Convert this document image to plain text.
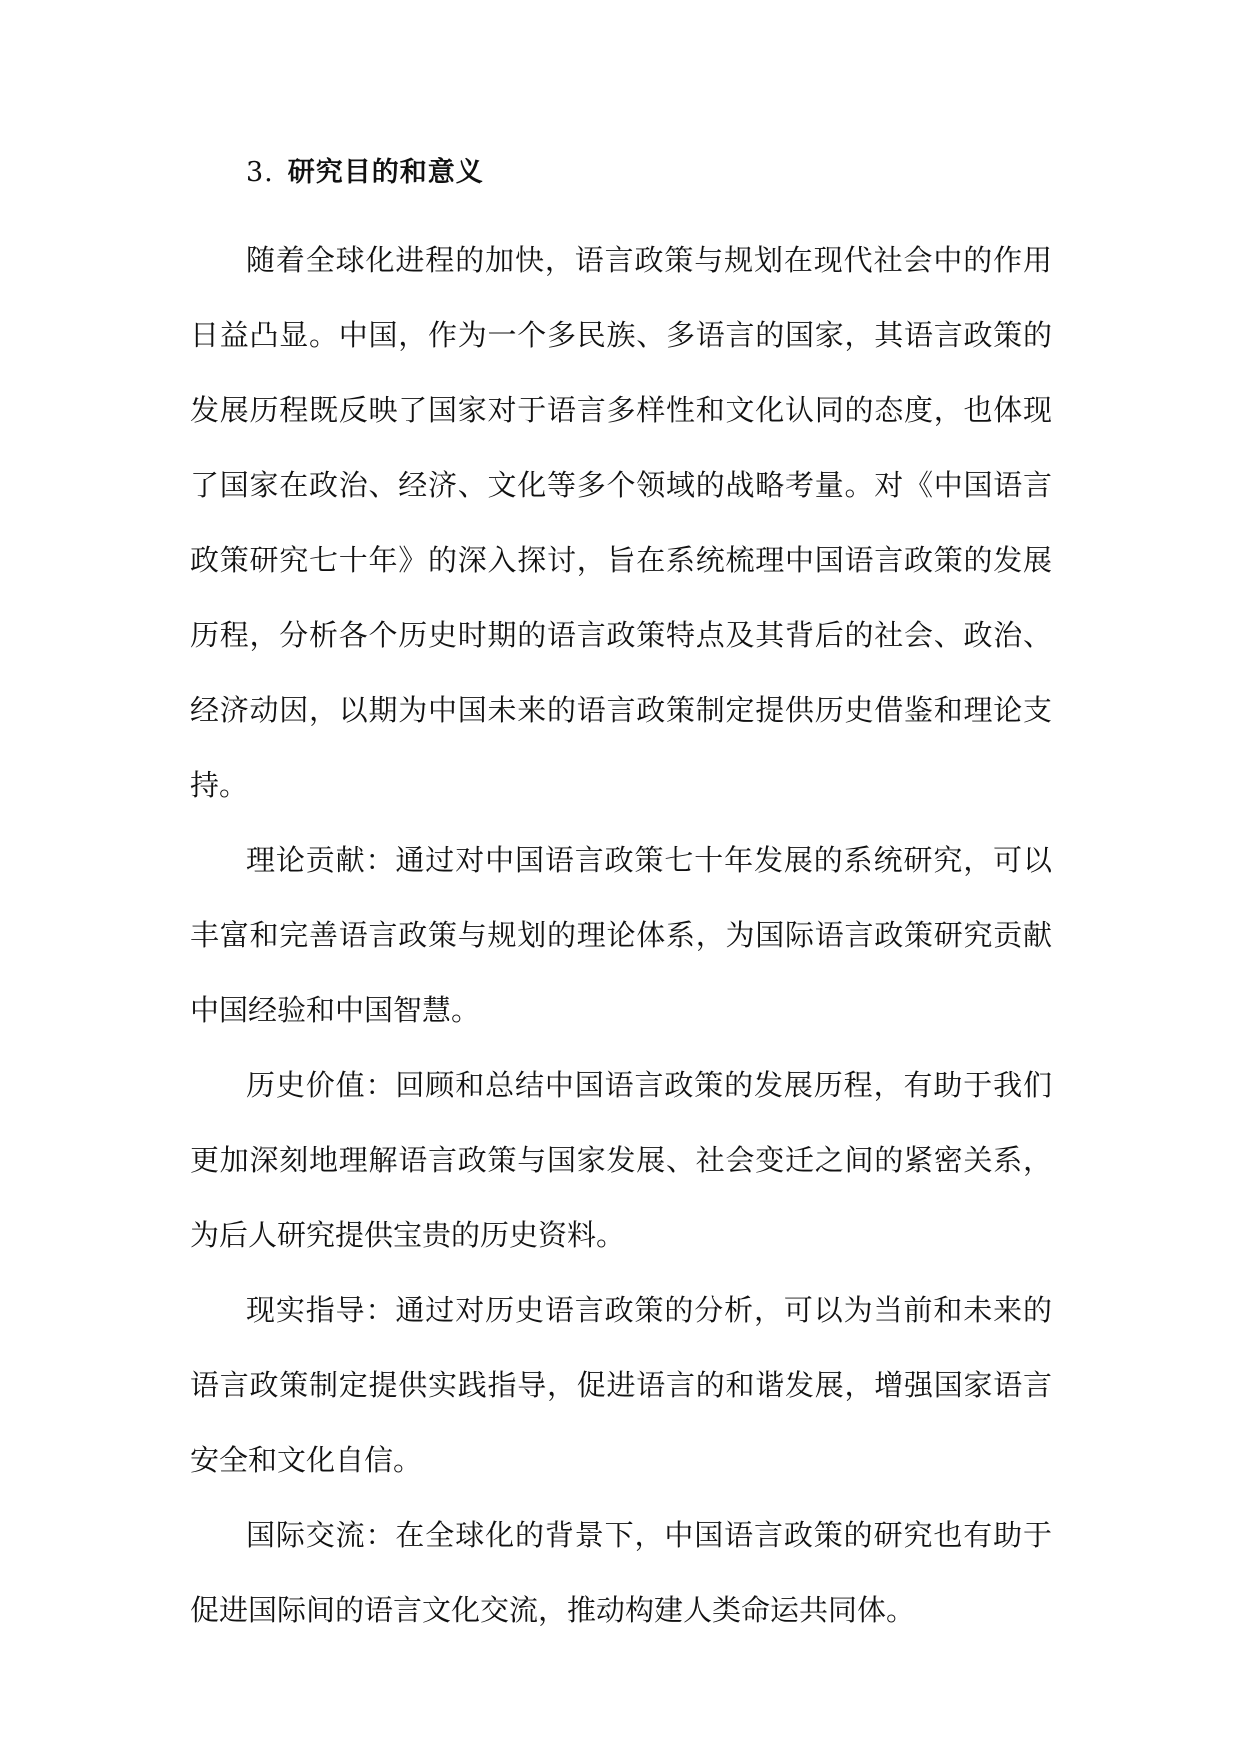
3. 研究目的和意义

随着全球化进程的加快，语言政策与规划在现代社会中的作用日益凸显。中国，作为一个多民族、多语言的国家，其语言政策的发展历程既反映了国家对于语言多样性和文化认同的态度，也体现了国家在政治、经济、文化等多个领域的战略考量。对《中国语言政策研究七十年》的深入探讨，旨在系统梳理中国语言政策的发展历程，分析各个历史时期的语言政策特点及其背后的社会、政治、经济动因，以期为中国未来的语言政策制定提供历史借鉴和理论支持。

理论贡献：通过对中国语言政策七十年发展的系统研究，可以丰富和完善语言政策与规划的理论体系，为国际语言政策研究贡献中国经验和中国智慧。

历史价值：回顾和总结中国语言政策的发展历程，有助于我们更加深刻地理解语言政策与国家发展、社会变迁之间的紧密关系，为后人研究提供宝贵的历史资料。

现实指导：通过对历史语言政策的分析，可以为当前和未来的语言政策制定提供实践指导，促进语言的和谐发展，增强国家语言安全和文化自信。

国际交流：在全球化的背景下，中国语言政策的研究也有助于促进国际间的语言文化交流，推动构建人类命运共同体。
